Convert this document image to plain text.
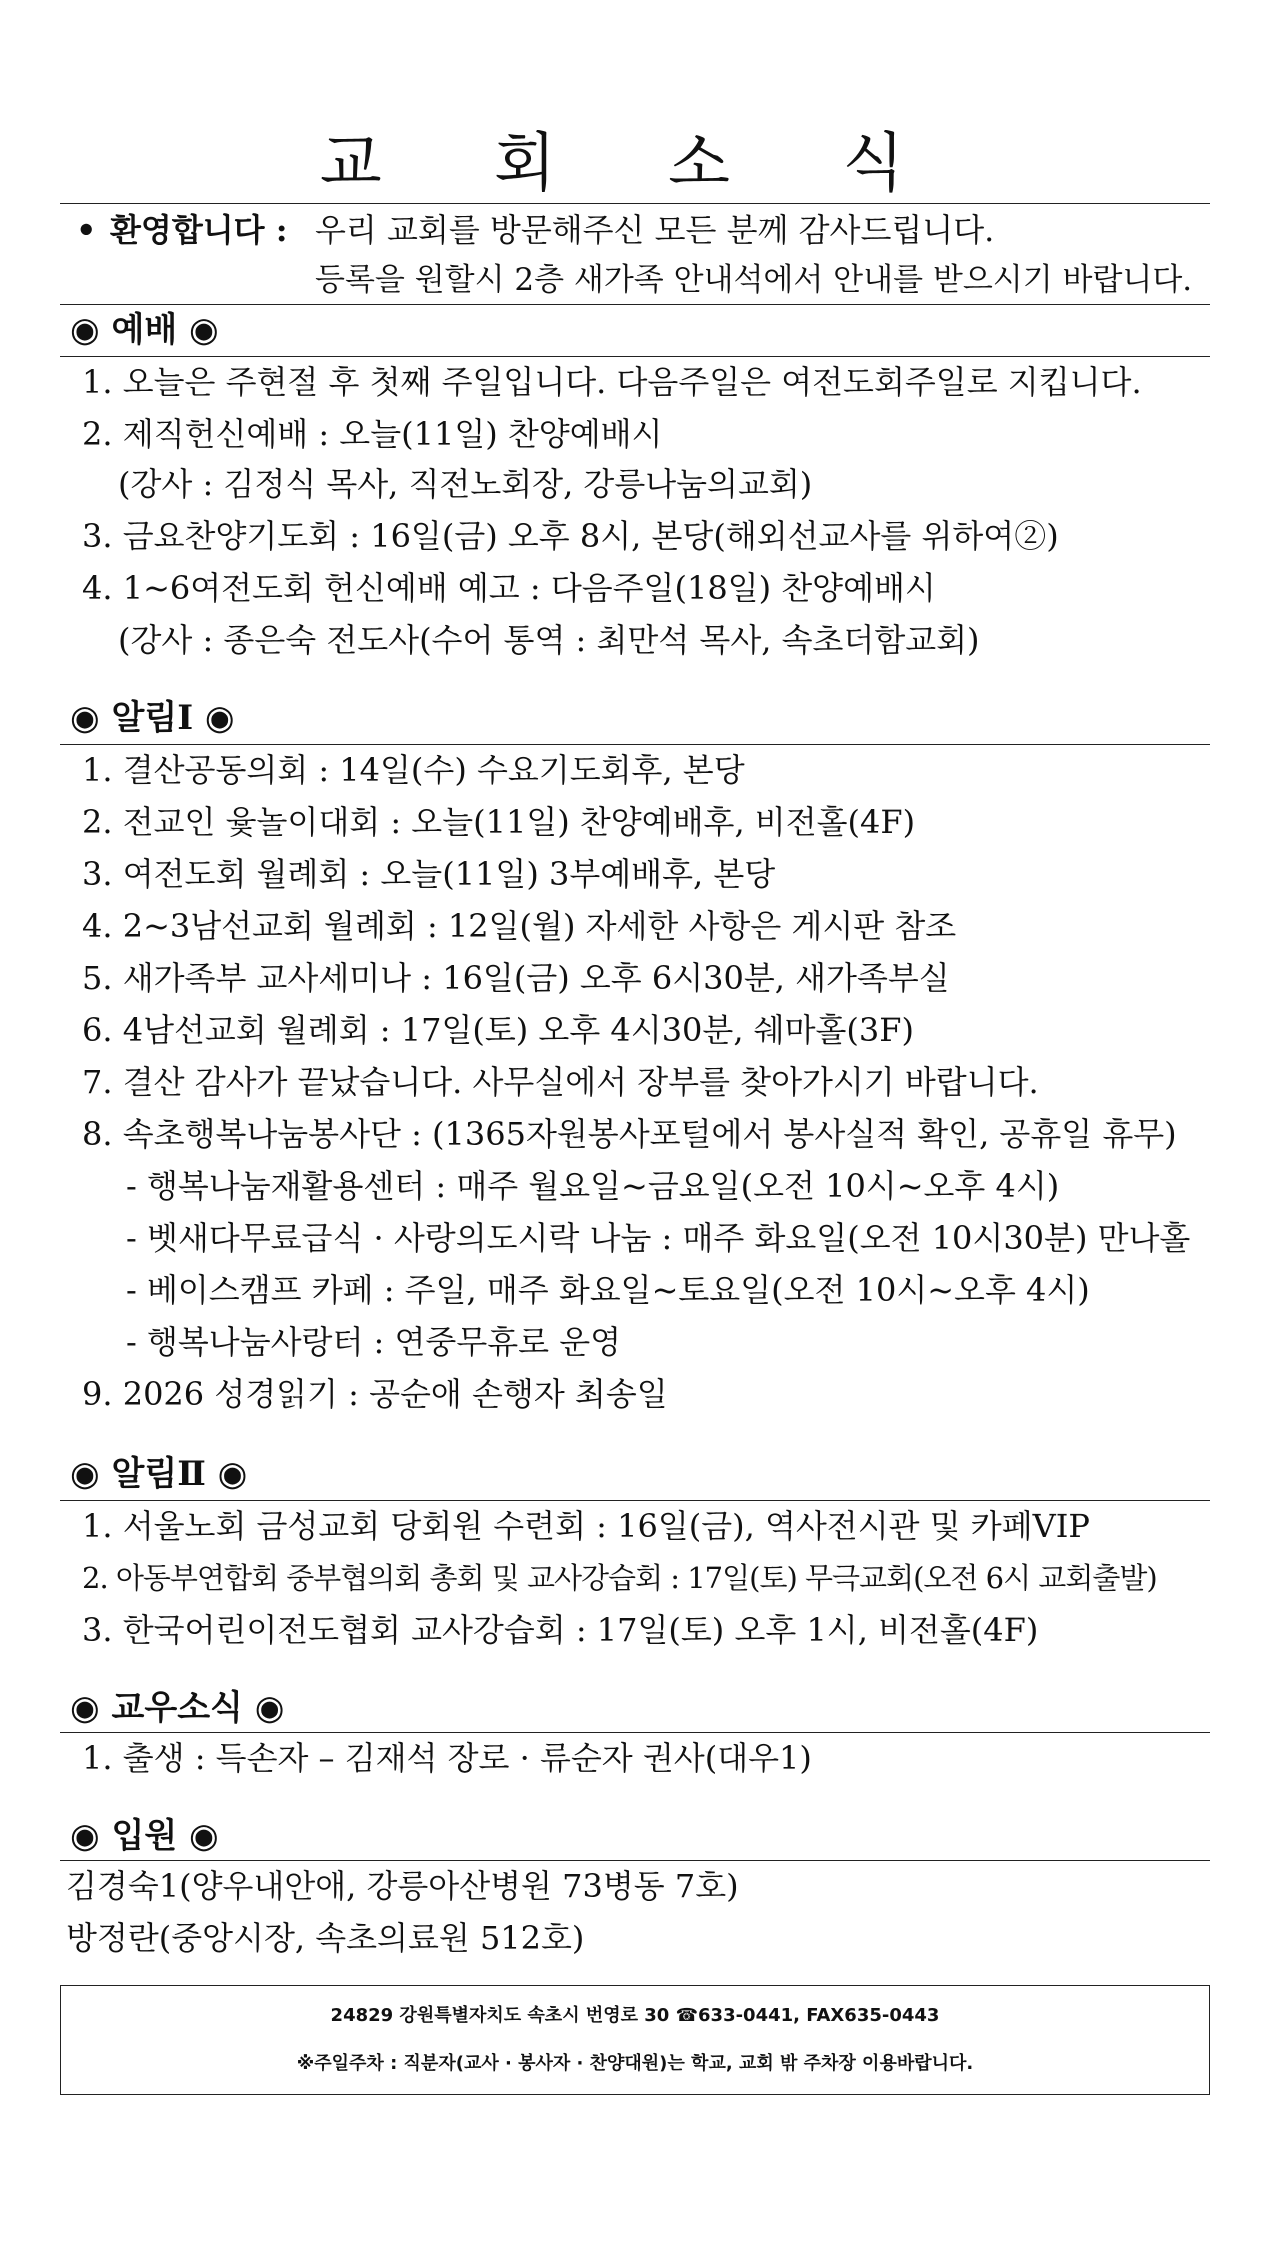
교 회 소 식
• 환영합니다 : 우리 교회를 방문해주신 모든 분께 감사드립니다.
등록을 원할시 2층 새가족 안내석에서 안내를 받으시기 바랍니다.
◉ 예배 ◉
1. 오늘은 주현절 후 첫째 주일입니다. 다음주일은 여전도회주일로 지킵니다.
2. 제직헌신예배 : 오늘(11일) 찬양예배시
(강사 : 김정식 목사, 직전노회장, 강릉나눔의교회)
3. 금요찬양기도회 : 16일(금) 오후 8시, 본당(해외선교사를 위하여②)
4. 1~6여전도회 헌신예배 예고 : 다음주일(18일) 찬양예배시
(강사 : 종은숙 전도사(수어 통역 : 최만석 목사, 속초더함교회)
◉ 알림Ⅰ ◉
1. 결산공동의회 : 14일(수) 수요기도회후, 본당
2. 전교인 윷놀이대회 : 오늘(11일) 찬양예배후, 비전홀(4F)
3. 여전도회 월례회 : 오늘(11일) 3부예배후, 본당
4. 2~3남선교회 월례회 : 12일(월) 자세한 사항은 게시판 참조
5. 새가족부 교사세미나 : 16일(금) 오후 6시30분, 새가족부실
6. 4남선교회 월례회 : 17일(토) 오후 4시30분, 쉐마홀(3F)
7. 결산 감사가 끝났습니다. 사무실에서 장부를 찾아가시기 바랍니다.
8. 속초행복나눔봉사단 : (1365자원봉사포털에서 봉사실적 확인, 공휴일 휴무)
- 행복나눔재활용센터 : 매주 월요일~금요일(오전 10시~오후 4시)
- 벳새다무료급식 · 사랑의도시락 나눔 : 매주 화요일(오전 10시30분) 만나홀
- 베이스캠프 카페 : 주일, 매주 화요일~토요일(오전 10시~오후 4시)
- 행복나눔사랑터 : 연중무휴로 운영
9. 2026 성경읽기 : 공순애 손행자 최송일
◉ 알림Ⅱ ◉
1. 서울노회 금성교회 당회원 수련회 : 16일(금), 역사전시관 및 카페VIP
2. 아동부연합회 중부협의회 총회 및 교사강습회 : 17일(토) 무극교회(오전 6시 교회출발)
3. 한국어린이전도협회 교사강습회 : 17일(토) 오후 1시, 비전홀(4F)
◉ 교우소식 ◉
1. 출생 : 득손자 – 김재석 장로 · 류순자 권사(대우1)
◉ 입원 ◉
김경숙1(양우내안애, 강릉아산병원 73병동 7호)
방정란(중앙시장, 속초의료원 512호)
24829 강원특별자치도 속초시 번영로 30 ☎633-0441, FAX635-0443
※주일주차 : 직분자(교사 · 봉사자 · 찬양대원)는 학교, 교회 밖 주차장 이용바랍니다.
